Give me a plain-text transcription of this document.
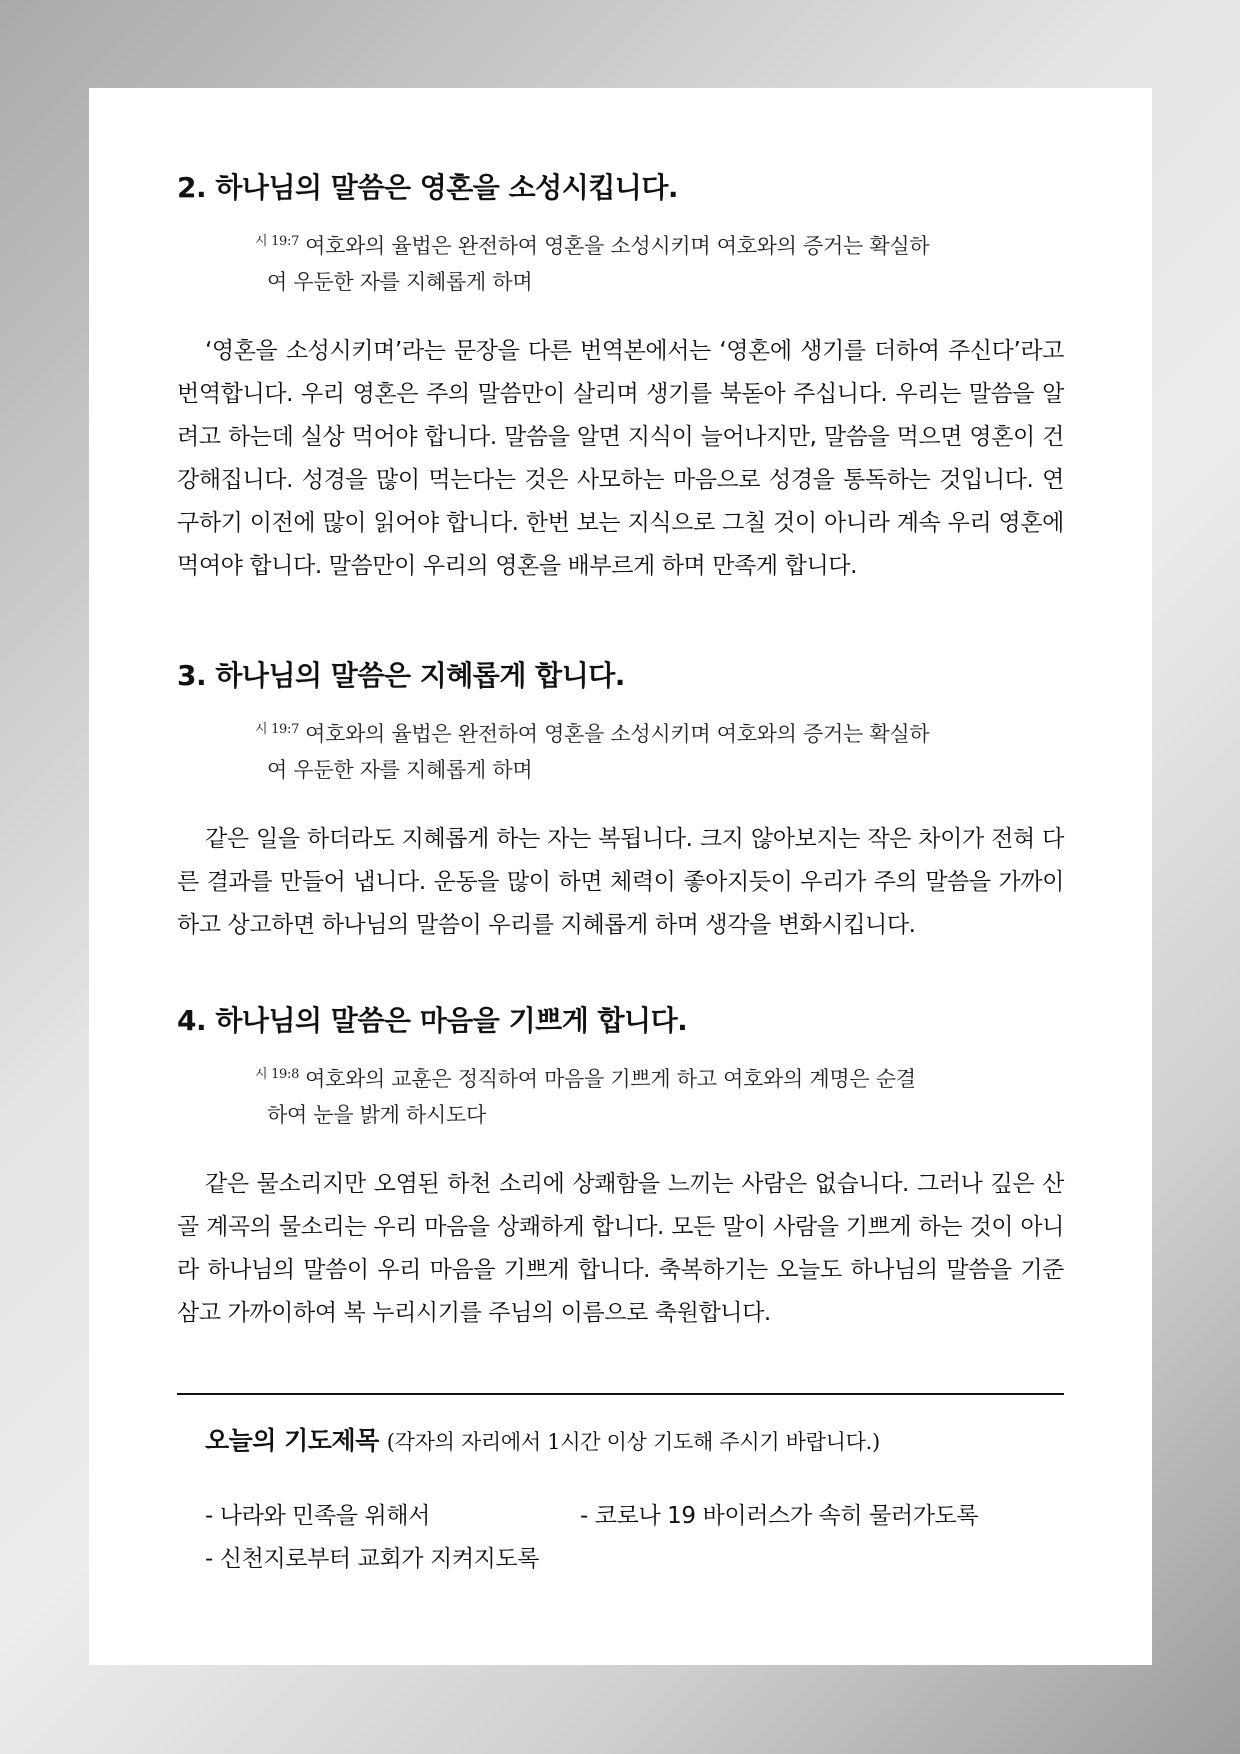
2. 하나님의 말씀은 영혼을 소성시킵니다.
$^{시 19:7}$ 여호와의 율법은 완전하여 영혼을 소성시키며 여호와의 증거는 확실하
여 우둔한 자를 지혜롭게 하며

‘영혼을 소성시키며’라는 문장을 다른 번역본에서는 ‘영혼에 생기를 더하여 주신다’라고 번역합니다. 우리 영혼은 주의 말씀만이 살리며 생기를 북돋아 주십니다. 우리는 말씀을 알려고 하는데 실상 먹어야 합니다. 말씀을 알면 지식이 늘어나지만, 말씀을 먹으면 영혼이 건강해집니다. 성경을 많이 먹는다는 것은 사모하는 마음으로 성경을 통독하는 것입니다. 연구하기 이전에 많이 읽어야 합니다. 한번 보는 지식으로 그칠 것이 아니라 계속 우리 영혼에 먹여야 합니다. 말씀만이 우리의 영혼을 배부르게 하며 만족게 합니다.

3. 하나님의 말씀은 지혜롭게 합니다.
$^{시 19:7}$ 여호와의 율법은 완전하여 영혼을 소성시키며 여호와의 증거는 확실하
여 우둔한 자를 지혜롭게 하며

같은 일을 하더라도 지혜롭게 하는 자는 복됩니다. 크지 않아보지는 작은 차이가 전혀 다른 결과를 만들어 냅니다. 운동을 많이 하면 체력이 좋아지듯이 우리가 주의 말씀을 가까이하고 상고하면 하나님의 말씀이 우리를 지혜롭게 하며 생각을 변화시킵니다.

4. 하나님의 말씀은 마음을 기쁘게 합니다.
$^{시 19:8}$ 여호와의 교훈은 정직하여 마음을 기쁘게 하고 여호와의 계명은 순결
하여 눈을 밝게 하시도다

같은 물소리지만 오염된 하천 소리에 상쾌함을 느끼는 사람은 없습니다. 그러나 깊은 산골 계곡의 물소리는 우리 마음을 상쾌하게 합니다. 모든 말이 사람을 기쁘게 하는 것이 아니라 하나님의 말씀이 우리 마음을 기쁘게 합니다. 축복하기는 오늘도 하나님의 말씀을 기준 삼고 가까이하여 복 누리시기를 주님의 이름으로 축원합니다.

오늘의 기도제목 (각자의 자리에서 1시간 이상 기도해 주시기 바랍니다.)
- 나라와 민족을 위해서	- 코로나 19 바이러스가 속히 물러가도록
- 신천지로부터 교회가 지켜지도록
